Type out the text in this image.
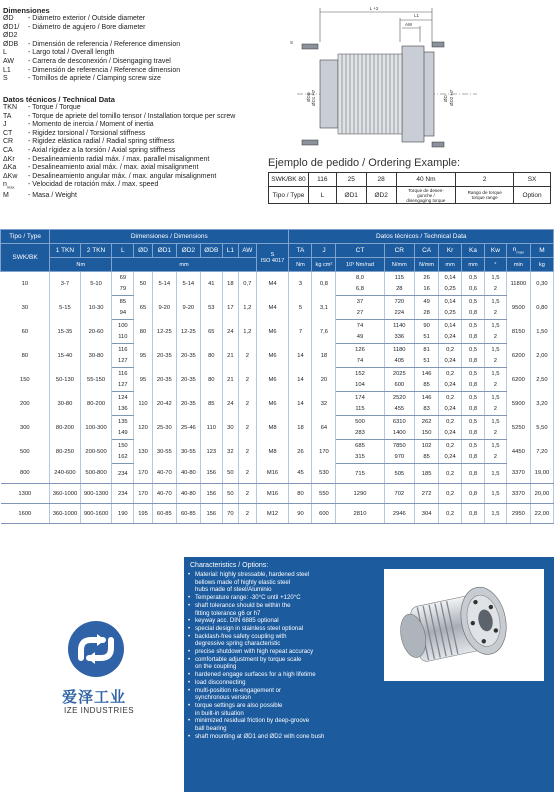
Dimensiones
ØD	- Diámetro exterior / Outside diameter
ØD1/ØD2
- Diámetro de agujero / Bore diameter
ØDB	- Dimensión de referencia / Reference dimension
L	- Largo total / Overall length
AW	- Carrera de desconexión / Disengaging travel
L1	- Dimensión de referencia / Reference dimension
S	- Tornillos de apriete / Clamping screw size
Datos técnicos / Technical Data
TKN	- Torque / Torque
TA	- Torque de apriete del tornillo tensor / Installation torque per screw
J	- Momento de inercia / Moment of inertia
CT	- Rigidez torsional / Torsional stiffness
CR	- Rigidez elástica radial / Radial spring stiffness
CA	- Axial rígidez a la torsión / Axial spring stiffness
ΔKr	- Desalineamiento radial máx. / max. parallel misalignment
ΔKa	- Desalineamiento axial máx. / max. axial misalignment
ΔKw	- Desalineamiento angular máx. / max. angular misalignment
$n_{max}$	- Velocidad de rotación máx. / max. speed
M	- Masa / Weight
L +2
L1
AW
S
ØDB ØD1 H7	ØD ØD2 H7
Ejemplo de pedido / Ordering Example:
SWK/BK 80	116	25	28	40 Nm	2	SX
Tipo / Type	L	ØD1	ØD2	Torque de desen-
gunche /
disengaging torque	Rango de torque
torque range	Option
Tipo / Type	Dimensiones / Dimensions										Datos técnicos / Technical Data									
SWK/BK	1 TKN	2 TKN	L	ØD	ØD1	ØD2	ØDB	L1	AW	S
ISO 4017	TA	J	CT	CR	CA	Kr	Ka	Kw	$n_{max}$	M
	Nm		mm								Nm	kg cm²	10³ Nm/rad	N/mm	N/mm	mm	mm	°	min	kg
10	3-7	5-10	69	50	5-14	5-14	41	18	0,7	M4	3	0,8	8,0	115	26	0,14	0,5	1,5	11800	0,30
			79										6,8	28	16	0,25	0,6	2		
30	5-15	10-30	85	65	9-20	9-20	53	17	1,2	M4	5	3,1	37	720	49	0,14	0,5	1,5	9500	0,80
			94										27	224	28	0,25	0,8	2		
60	15-35	20-60	100	80	12-25	12-25	65	24	1,2	M6	7	7,6	74	1140	90	0,14	0,5	1,5	8150	1,50
			110										49	336	51	0,24	0,8	2		
80	15-40	30-80	116	95	20-35	20-35	80	21	2	M6	14	18	126	1180	81	0,2	0,5	1,5	6200	2,00
			127										74	405	51	0,24	0,8	2		
150	50-130	55-150	116	95	20-35	20-35	80	21	2	M6	14	20	152	2025	146	0,2	0,5	1,5	6200	2,50
			127										104	600	85	0,24	0,8	2		
200	30-80	80-200	124	110	20-42	20-35	85	24	2	M6	14	32	174	2520	146	0,2	0,5	1,5	5900	3,20
			136										115	455	83	0,24	0,8	2		
300	80-200	100-300	135	120	25-30	25-46	110	30	2	M8	18	64	500	6310	262	0,2	0,5	1,5	5250	5,50
			149										283	1400	150	0,24	0,8	2		
500	80-250	200-500	150	130	30-55	30-55	123	32	2	M8	26	170	685	7850	102	0,2	0,5	1,5	4450	7,20
			162										315	970	85	0,24	0,8	2		
800	240-600	500-800	234	170	40-70	40-80	156	50	2	M16	45	530	715	505	185	0,2	0,8	1,5	3370	19,00
1300	360-1000	900-1300	234	170	40-70	40-80	156	50	2	M16	80	550	1290	702	272	0,2	0,8	1,5	3370	20,00
1600	360-1000	900-1600	190	195	60-85	60-85	156	70	2	M12	90	600	2810	2946	304	0,2	0,8	1,5	2950	22,00
Characteristics / Options:
• Material: highly stressable, hardened steel
bellows made of highly elastic steel
hubs made of steel/Aluminio
• Temperature range: -30°C until +120°C
• shaft tolerance should be within the
fitting tolerance g6 or h7
• keyway acc. DIN 6885 optional
• special design in stainless steel optional
• backlash-free safety coupling with
degressive spring characteristic
• precise shutdown with high repeat accuracy
• comfortable adjustment by torque scale
on the coupling
• hardened engage surfaces for a high lifetime
• load disconnecting
• multi-position re-engagement or
synchronous version
• torque settings are also possible
in built-in situation
• minimized residual friction by deep-groove
ball bearing
• shaft mounting at ØD1 and ØD2 with cone bush
爱泽工业
IZE INDUSTRIES
